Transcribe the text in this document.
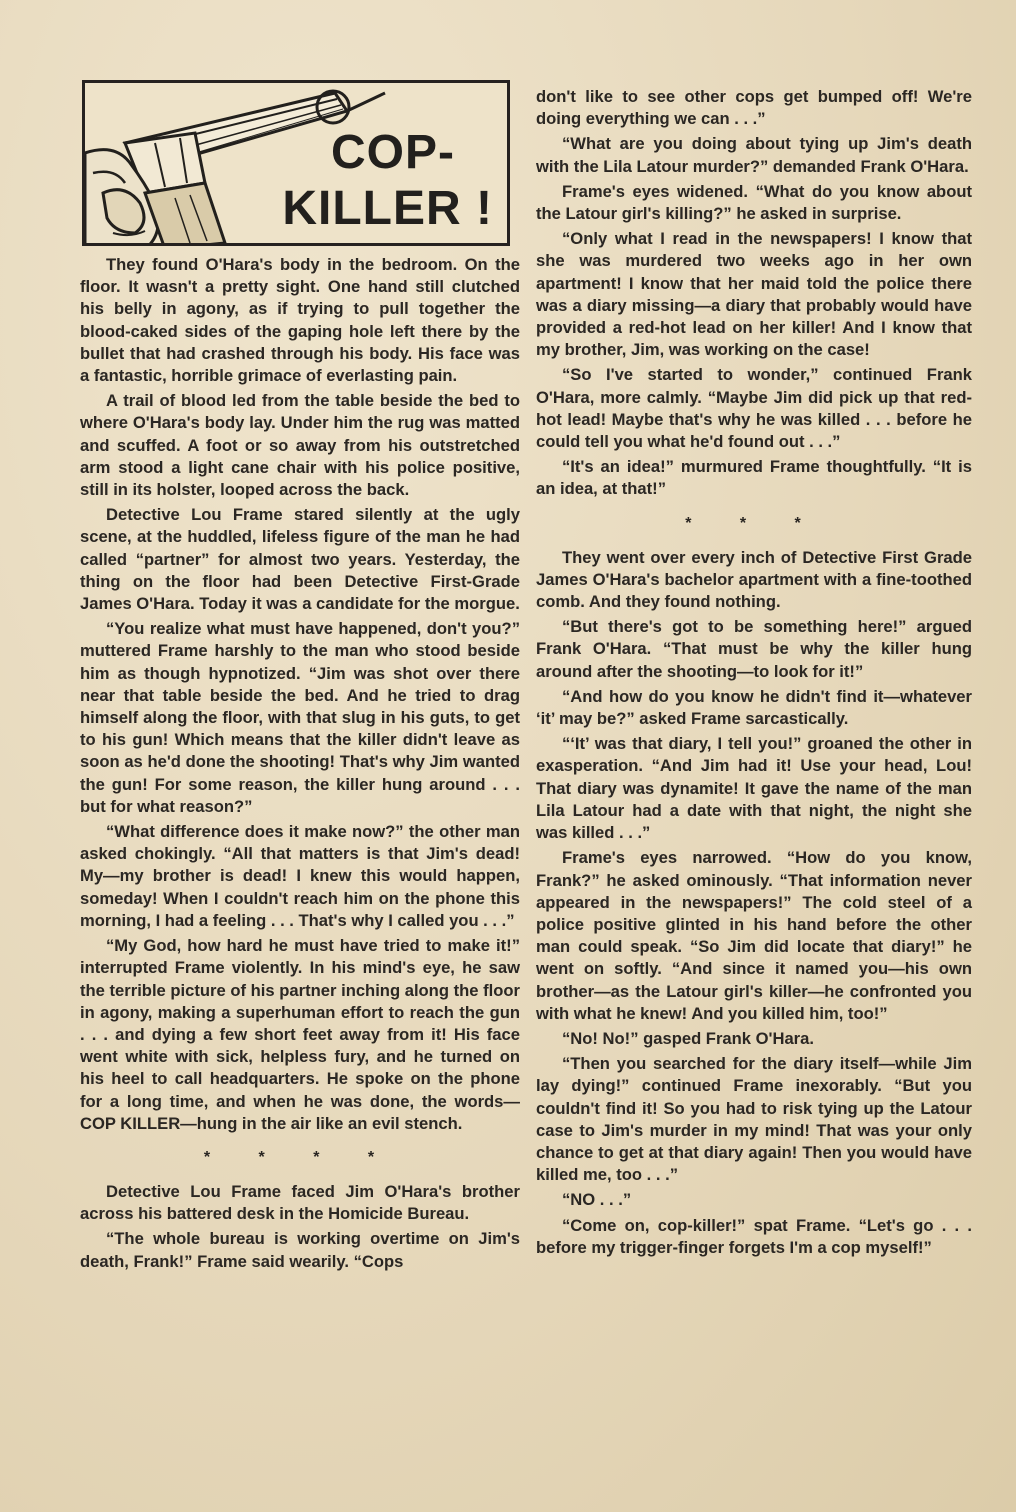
COP-
KILLER !

They found O'Hara's body in the bedroom. On the floor. It wasn't a pretty sight. One hand still clutched his belly in agony, as if trying to pull together the blood-caked sides of the gaping hole left there by the bullet that had crashed through his body. His face was a fantastic, horrible grimace of everlasting pain.

A trail of blood led from the table beside the bed to where O'Hara's body lay. Under him the rug was matted and scuffed. A foot or so away from his outstretched arm stood a light cane chair with his police positive, still in its holster, looped across the back.

Detective Lou Frame stared silently at the ugly scene, at the huddled, lifeless figure of the man he had called “partner” for almost two years. Yesterday, the thing on the floor had been Detective First-Grade James O'Hara. Today it was a candidate for the morgue.

“You realize what must have happened, don't you?” muttered Frame harshly to the man who stood beside him as though hypnotized. “Jim was shot over there near that table beside the bed. And he tried to drag himself along the floor, with that slug in his guts, to get to his gun! Which means that the killer didn't leave as soon as he'd done the shooting! That's why Jim wanted the gun! For some reason, the killer hung around . . . but for what reason?”

“What difference does it make now?” the other man asked chokingly. “All that matters is that Jim's dead! My—my brother is dead! I knew this would happen, someday! When I couldn't reach him on the phone this morning, I had a feeling . . . That's why I called you . . .”

“My God, how hard he must have tried to make it!” interrupted Frame violently. In his mind's eye, he saw the terrible picture of his partner inching along the floor in agony, making a superhuman effort to reach the gun . . . and dying a few short feet away from it! His face went white with sick, helpless fury, and he turned on his heel to call headquarters. He spoke on the phone for a long time, and when he was done, the words—COP KILLER—hung in the air like an evil stench.

* * * *

Detective Lou Frame faced Jim O'Hara's brother across his battered desk in the Homicide Bureau.

“The whole bureau is working overtime on Jim's death, Frank!” Frame said wearily. “Cops

don't like to see other cops get bumped off! We're doing everything we can . . .”

“What are you doing about tying up Jim's death with the Lila Latour murder?” demanded Frank O'Hara.

Frame's eyes widened. “What do you know about the Latour girl's killing?” he asked in surprise.

“Only what I read in the newspapers! I know that she was murdered two weeks ago in her own apartment! I know that her maid told the police there was a diary missing—a diary that probably would have provided a red-hot lead on her killer! And I know that my brother, Jim, was working on the case!

“So I've started to wonder,” continued Frank O'Hara, more calmly. “Maybe Jim did pick up that red-hot lead! Maybe that's why he was killed . . . before he could tell you what he'd found out . . .”

“It's an idea!” murmured Frame thoughtfully. “It is an idea, at that!”

* * *

They went over every inch of Detective First Grade James O'Hara's bachelor apartment with a fine-toothed comb. And they found nothing.

“But there's got to be something here!” argued Frank O'Hara. “That must be why the killer hung around after the shooting—to look for it!”

“And how do you know he didn't find it—whatever ‘it’ may be?” asked Frame sarcastically.

“‘It’ was that diary, I tell you!” groaned the other in exasperation. “And Jim had it! Use your head, Lou! That diary was dynamite! It gave the name of the man Lila Latour had a date with that night, the night she was killed . . .”

Frame's eyes narrowed. “How do you know, Frank?” he asked ominously. “That information never appeared in the newspapers!” The cold steel of a police positive glinted in his hand before the other man could speak. “So Jim did locate that diary!” he went on softly. “And since it named you—his own brother—as the Latour girl's killer—he confronted you with what he knew! And you killed him, too!”

“No! No!” gasped Frank O'Hara.

“Then you searched for the diary itself—while Jim lay dying!” continued Frame inexorably. “But you couldn't find it! So you had to risk tying up the Latour case to Jim's murder in my mind! That was your only chance to get at that diary again! Then you would have killed me, too . . .”

“NO . . .”

“Come on, cop-killer!” spat Frame. “Let's go . . . before my trigger-finger forgets I'm a cop myself!”
